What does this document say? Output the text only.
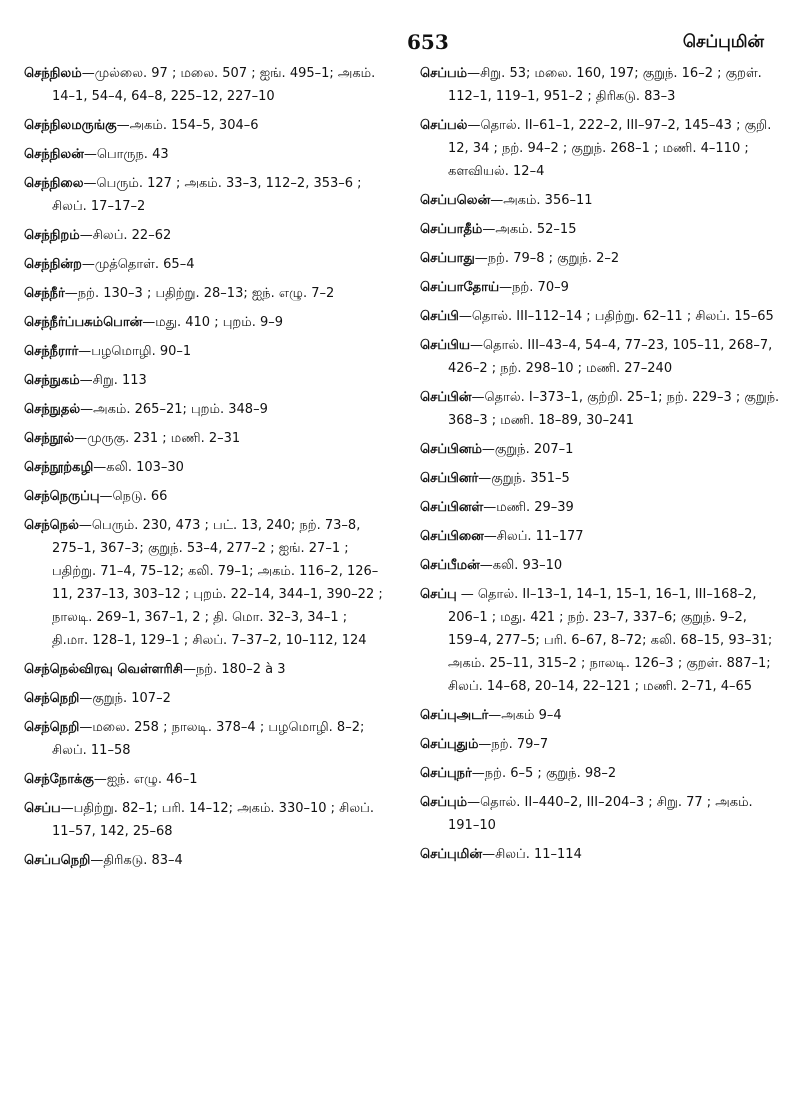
653	செப்புமின்
செந்நிலம்—முல்லை. 97 ; மலை. 507 ; ஐங். 495–1; அகம். 14–1, 54–4, 64–8, 225–12, 227–10
செந்நிலமருங்கு—அகம். 154–5, 304–6
செந்நிலன்—பொருந. 43
செந்நிலை—பெரும். 127 ; அகம். 33–3, 112–2, 353–6 ; சிலப். 17–17–2
செந்நிறம்—சிலப். 22–62
செந்நின்ற—முத்தொள். 65–4
செந்நீர்—நற். 130–3 ; பதிற்று. 28–13; ஐந். எழு. 7–2
செந்நீர்ப்பசும்பொன்—மது. 410 ; புறம். 9–9
செந்நீரார்—பழமொழி. 90–1
செந்நுகம்—சிறு. 113
செந்நுதல்—அகம். 265–21; புறம். 348–9
செந்நூல்—முருகு. 231 ; மணி. 2–31
செந்நூற்கழி—கலி. 103–30
செந்நெருப்பு—நெடு. 66
செந்நெல்—பெரும். 230, 473 ; பட். 13, 240; நற். 73–8, 275–1, 367–3; குறுந். 53–4, 277–2 ; ஐங். 27–1 ; பதிற்று. 71–4, 75–12; கலி. 79–1; அகம். 116–2, 126–11, 237–13, 303–12 ; புறம். 22–14, 344–1, 390–22 ; நாலடி. 269–1, 367–1, 2 ; தி. மொ. 32–3, 34–1 ; தி.மா. 128–1, 129–1 ; சிலப். 7–37–2, 10–112, 124
செந்நெல்விரவு வெள்ளரிசி—நற். 180–2 à 3
செந்நெறி—குறுந். 107–2
செந்நெறி—மலை. 258 ; நாலடி. 378–4 ; பழமொழி. 8–2; சிலப். 11–58
செந்நோக்கு—ஐந். எழு. 46–1
செப்ப—பதிற்று. 82–1; பரி. 14–12; அகம். 330–10 ; சிலப். 11–57, 142, 25–68
செப்பநெறி—திரிகடு. 83–4
செப்பம்—சிறு. 53; மலை. 160, 197; குறுந். 16–2 ; குறள். 112–1, 119–1, 951–2 ; திரிகடு. 83–3
செப்பல்—தொல். II–61–1, 222–2, III–97–2, 145–43 ; குறி. 12, 34 ; நற். 94–2 ; குறுந். 268–1 ; மணி. 4–110 ; களவியல். 12–4
செப்பலென்—அகம். 356–11
செப்பாதீம்—அகம். 52–15
செப்பாது—நற். 79–8 ; குறுந். 2–2
செப்பாதோய்—நற். 70–9
செப்பி—தொல். III–112–14 ; பதிற்று. 62–11 ; சிலப். 15–65
செப்பிய—தொல். III–43–4, 54–4, 77–23, 105–11, 268–7, 426–2 ; நற். 298–10 ; மணி. 27–240
செப்பின்—தொல். I–373–1, குற்றி. 25–1; நற். 229–3 ; குறுந். 368–3 ; மணி. 18–89, 30–241
செப்பினம்—குறுந். 207–1
செப்பினர்—குறுந். 351–5
செப்பினள்—மணி. 29–39
செப்பினை—சிலப். 11–177
செப்பீமன்—கலி. 93–10
செப்பு — தொல். II–13–1, 14–1, 15–1, 16–1, III–168–2, 206–1 ; மது. 421 ; நற். 23–7, 337–6; குறுந். 9–2, 159–4, 277–5; பரி. 6–67, 8–72; கலி. 68–15, 93–31; அகம். 25–11, 315–2 ; நாலடி. 126–3 ; குறள். 887–1; சிலப். 14–68, 20–14, 22–121 ; மணி. 2–71, 4–65
செப்புஅடர்—அகம் 9–4
செப்புதும்—நற். 79–7
செப்புநர்—நற். 6–5 ; குறுந். 98–2
செப்பும்—தொல். II–440–2, III–204–3 ; சிறு. 77 ; அகம். 191–10
செப்புமின்—சிலப். 11–114
